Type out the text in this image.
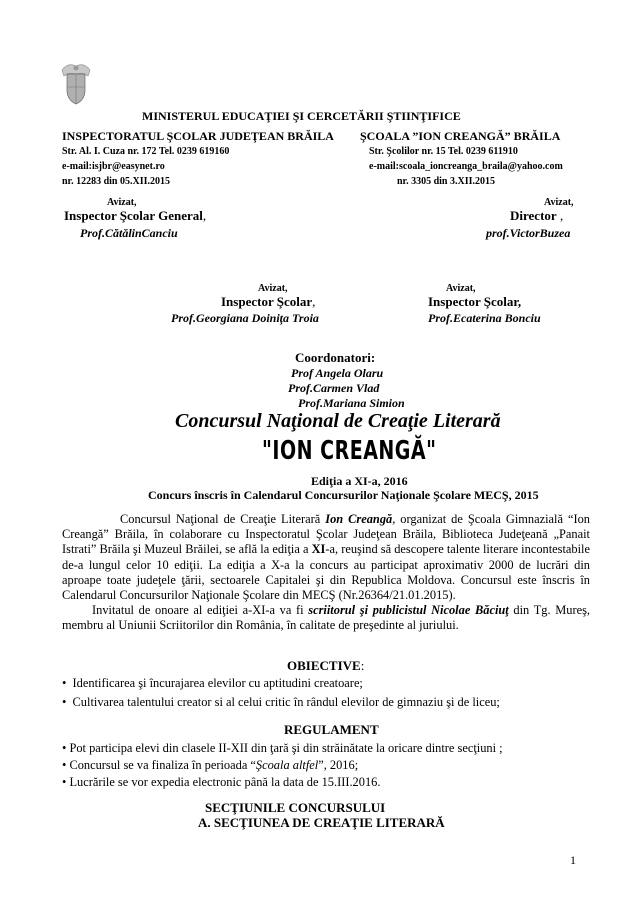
MINISTERUL EDUCAŢIEI ŞI CERCETĂRII ŞTIINŢIFICE
INSPECTORATUL ŞCOLAR JUDEŢEAN BRĂILA
Str. Al. I. Cuza nr. 172 Tel. 0239 619160
e-mail:isjbr@easynet.ro
nr. 12283 din 05.XII.2015
ŞCOALA ”ION CREANGĂ” BRĂILA
Str. Şcolilor nr. 15 Tel. 0239 611910
e-mail:scoala_ioncreanga_braila@yahoo.com
nr. 3305 din 3.XII.2015
Avizat,
Inspector Şcolar General,
Prof.CătălinCanciu
Avizat,
Director ,
prof.VictorBuzea
Avizat,
Inspector Şcolar,
Prof.Georgiana Doiniţa Troia
Avizat,
Inspector Şcolar,
Prof.Ecaterina Bonciu
Coordonatori:
Prof Angela Olaru
Prof.Carmen Vlad
Prof.Mariana Simion
Concursul Naţional de Creaţie Literară
"ION CREANGĂ"
Ediţia a XI-a, 2016
Concurs înscris în Calendarul Concursurilor Naţionale Şcolare MECŞ, 2015

Concursul Naţional de Creaţie Literară Ion Creangă, organizat de Şcoala Gimnazială “Ion Creangă” Brăila, în colaborare cu Inspectoratul Şcolar Judeţean Brăila, Biblioteca Judeţeană „Panait Istrati” Brăila şi Muzeul Brăilei, se află la ediţia a XI-a, reuşind să descopere talente literare incontestabile de-a lungul celor 10 ediţii. La ediţia a X-a la concurs au participat aproximativ 2000 de lucrări din aproape toate judeţele ţării, sectoarele Capitalei şi din Republica Moldova. Concursul este înscris în Calendarul Concursurilor Naţionale Şcolare din MECŞ (Nr.26364/21.01.2015).

Invitatul de onoare al ediţiei a-XI-a va fi scriitorul şi publicistul Nicolae Băciuţ din Tg. Mureş, membru al Uniunii Scriitorilor din România, în calitate de preşedinte al juriului.

OBIECTIVE:
•  Identificarea şi încurajarea elevilor cu aptitudini creatoare;
•  Cultivarea talentului creator si al celui critic în rândul elevilor de gimnaziu şi de liceu;
REGULAMENT
• Pot participa elevi din clasele II-XII din ţară şi din străinătate la oricare dintre secţiuni ;
• Concursul se va finaliza în perioada “Şcoala altfel”, 2016;
• Lucrările se vor expedia electronic până la data de 15.III.2016.
SECŢIUNILE CONCURSULUI
A. SECŢIUNEA DE CREAŢIE LITERARĂ
1
